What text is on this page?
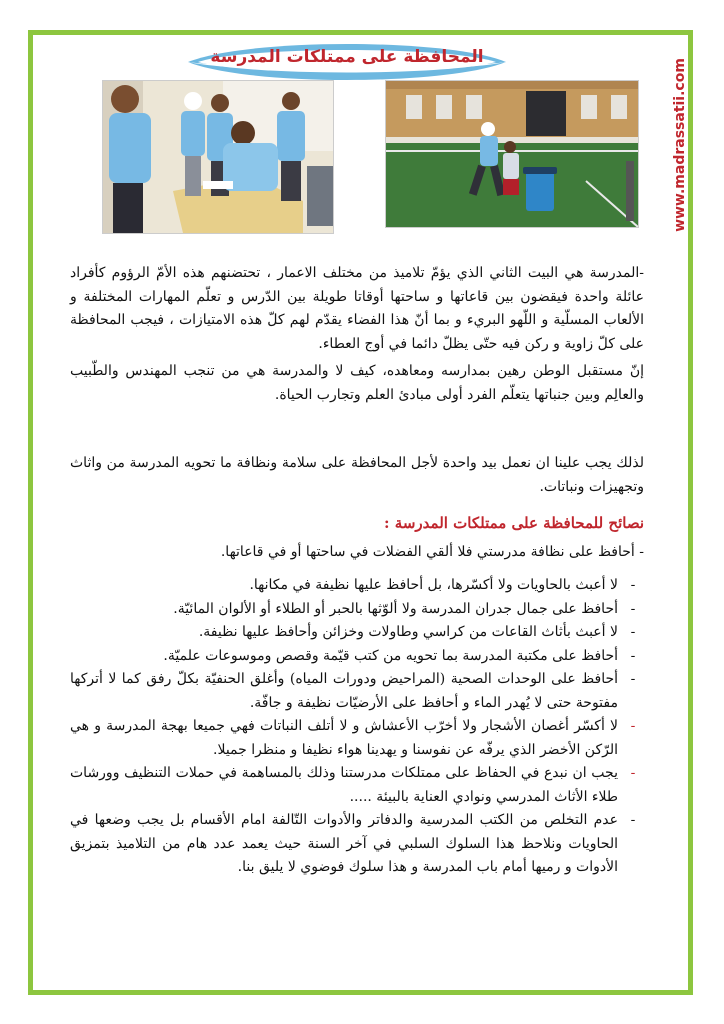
المحافظة على ممتلكات المدرسة
www.madrassatii.com
-المدرسة هي البيت الثاني الذي يؤمّ تلاميذ من مختلف الاعمار ، تحتضنهم هذه الأمّ الرؤوم كأفراد عائلة واحدة فيقضون بين قاعاتها و ساحتها أوقاتا طويلة بين الدّرس و تعلّم المهارات المختلفة و الألعاب المسلّية و اللّهو البريء و بما أنّ هذا الفضاء يقدّم لهم كلّ هذه الامتيازات ، فيجب المحافظة على كلّ زاوية و ركن فيه حتّى يظلّ دائما في أوج العطاء.
إنّ مستقبل الوطن رهين بمدارسه ومعاهده، كيف لا والمدرسة هي من تنجب المهندس والطّبيب والعالِم وبين جنباتها يتعلّم الفرد أولى مبادئ العلم وتجارب الحياة.
لذلك يجب علينا ان نعمل بيد واحدة لأجل المحافظة على سلامة ونظافة ما تحويه المدرسة من واثاث وتجهيزات ونباتات.
نصائح للمحافظة على ممتلكات المدرسة :
- أحافظ على نظافة مدرستي فلا ألقي الفضلات في ساحتها أو في قاعاتها.
-
لا أعبث بالحاويات ولا أكسّرها، بل أحافظ عليها نظيفة في مكانها.
-
أحافظ على جمال جدران المدرسة ولا ألوّثها بالحبر أو الطلاء أو الألوان المائيّة.
-
لا أعبث بأثاث القاعات من كراسي وطاولات وخزائن وأحافظ عليها نظيفة.
-
أحافظ على مكتبة المدرسة بما تحويه من كتب قيّمة وقصص وموسوعات علميّة.
-
أحافظ على الوحدات الصحية (المراحيض ودورات المياه) وأغلق الحنفيّة بكلّ رفق كما لا أتركها مفتوحة حتى لا يُهدر الماء و أحافظ على الأرضيّات نظيفة و جافّة.
-
لا أكسّر أغصان الأشجار ولا أخرّب الأعشاش و لا أتلف النباتات فهي جميعا بهجة المدرسة و هي الرّكن الأخضر الذي يرفّه عن نفوسنا و يهدينا هواء نظيفا و منظرا جميلا.
-
يجب ان نبدع في الحفاظ على ممتلكات مدرستنا وذلك بالمساهمة في حملات التنظيف وورشات طلاء الأثاث المدرسي ونوادي العناية بالبيئة .....
-
عدم التخلص من الكتب المدرسية والدفاتر والأدوات التّالفة امام الأقسام بل يجب وضعها في الحاويات ونلاحظ هذا السلوك السلبي في آخر السنة حيث يعمد عدد هام من التلاميذ بتمزيق الأدوات و رميها أمام باب المدرسة و هذا سلوك فوضوي لا يليق بنا.
